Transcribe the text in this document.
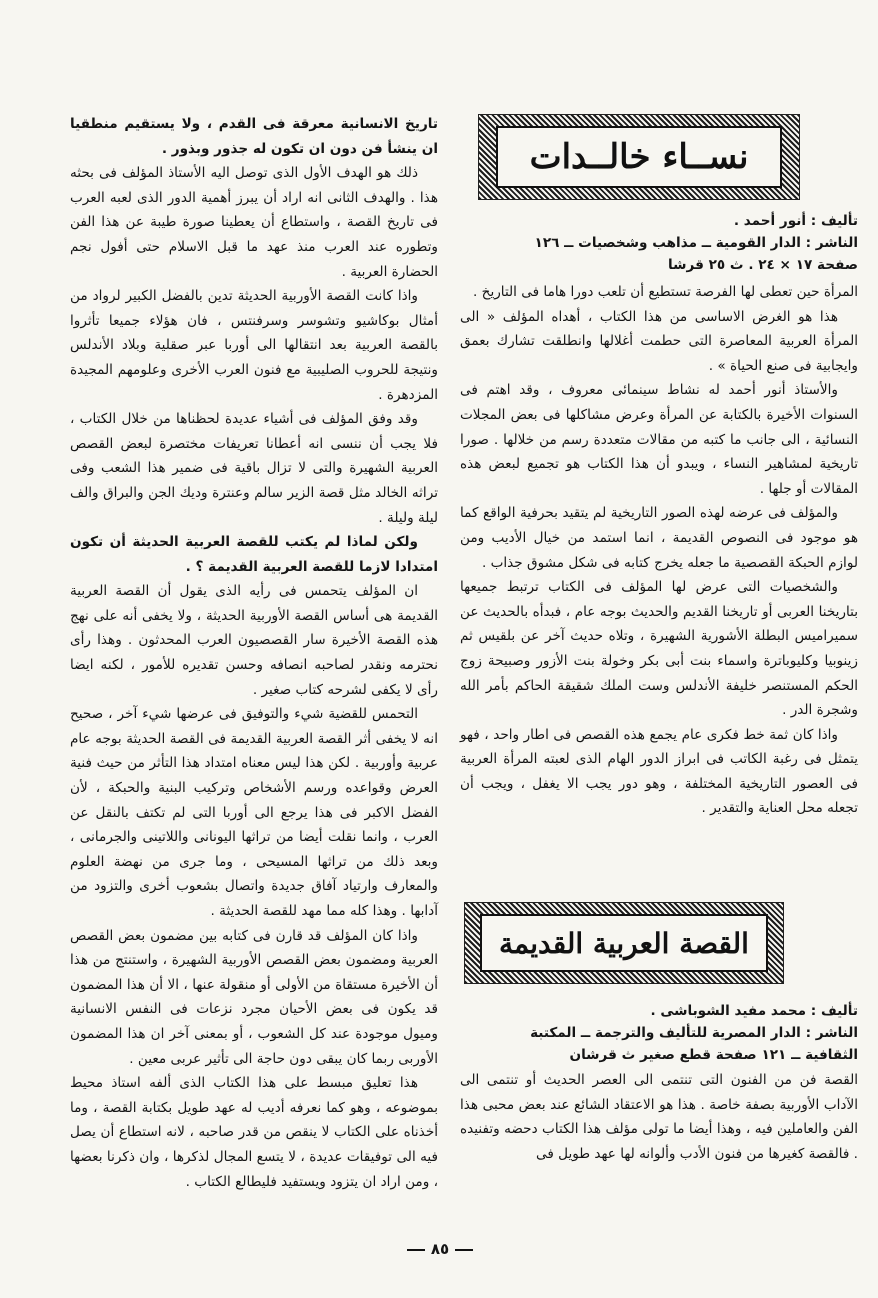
تاريخ الانسانية معرقة فى القدم ، ولا يستقيم منطقيا ان ينشأ فن دون ان تكون له جذور وبذور .

ذلك هو الهدف الأول الذى توصل اليه الأستاذ المؤلف فى بحثه هذا . والهدف الثانى انه اراد أن يبرز أهمية الدور الذى لعبه العرب فى تاريخ القصة ، واستطاع أن يعطينا صورة طيبة عن هذا الفن وتطوره عند العرب منذ عهد ما قبل الاسلام حتى أفول نجم الحضارة العربية .

واذا كانت القصة الأوربية الحديثة تدين بالفضل الكبير لرواد من أمثال بوكاشيو وتشوسر وسرفنتس ، فان هؤلاء جميعا تأثروا بالقصة العربية بعد انتقالها الى أوربا عبر صقلية وبلاد الأندلس ونتيجة للحروب الصليبية مع فنون العرب الأخرى وعلومهم المجيدة المزدهرة .

وقد وفق المؤلف فى أشياء عديدة لحظناها من خلال الكتاب ، فلا يجب أن ننسى انه أعطانا تعريفات مختصرة لبعض القصص العربية الشهيرة والتى لا تزال باقية فى ضمير هذا الشعب وفى تراثه الخالد مثل قصة الزير سالم وعنترة وديك الجن والبراق والف ليلة وليلة .

ولكن لماذا لم يكتب للقصة العربية الحديثة أن تكون امتدادا لازما للقصة العربية القديمة ؟ .

ان المؤلف يتحمس فى رأيه الذى يقول أن القصة العربية القديمة هى أساس القصة الأوربية الحديثة ، ولا يخفى أنه على نهج هذه القصة الأخيرة سار القصصيون العرب المحدثون . وهذا رأى نحترمه ونقدر لصاحبه انصافه وحسن تقديره للأمور ، لكنه ايضا رأى لا يكفى لشرحه كتاب صغير .

التحمس للقضية شيء والتوفيق فى عرضها شيء آخر ، صحيح انه لا يخفى أثر القصة العربية القديمة فى القصة الحديثة بوجه عام عربية وأوربية . لكن هذا ليس معناه امتداد هذا التأثر من حيث فنية العرض وقواعده ورسم الأشخاص وتركيب البنية والحبكة ، لأن الفضل الاكبر فى هذا يرجع الى أوربا التى لم تكتف بالنقل عن العرب ، وانما نقلت أيضا من تراثها اليونانى واللاتينى والجرمانى ، وبعد ذلك من تراثها المسيحى ، وما جرى من نهضة العلوم والمعارف وارتياد آفاق جديدة واتصال بشعوب أخرى والتزود من آدابها . وهذا كله مما مهد للقصة الحديثة .

واذا كان المؤلف قد قارن فى كتابه بين مضمون بعض القصص العربية ومضمون بعض القصص الأوربية الشهيرة ، واستنتج من هذا أن الأخيرة مستقاة من الأولى أو منقولة عنها ، الا أن هذا المضمون قد يكون فى بعض الأحيان مجرد نزعات فى النفس الانسانية وميول موجودة عند كل الشعوب ، أو بمعنى آخر ان هذا المضمون الأوربى ربما كان يبقى دون حاجة الى تأثير عربى معين .

هذا تعليق مبسط على هذا الكتاب الذى ألفه استاذ محيط بموضوعه ، وهو كما نعرفه أديب له عهد طويل بكتابة القصة ، وما أخذناه على الكتاب لا ينقص من قدر صاحبه ، لانه استطاع أن يصل فيه الى توفيقات عديدة ، لا يتسع المجال لذكرها ، وان ذكرنا بعضها ، ومن اراد ان يتزود ويستفيد فليطالع الكتاب .

نســاء خالــدات
تأليف : أنور أحمد .
الناشر : الدار القومية ــ مذاهب وشخصيات ــ ١٢٦
صفحة ١٧ × ٢٤ . ث ٢٥ قرشا

المرأة حين تعطى لها الفرصة تستطيع أن تلعب دورا هاما فى التاريخ .

هذا هو الغرض الاساسى من هذا الكتاب ، أهداه المؤلف « الى المرأة العربية المعاصرة التى حطمت أغلالها وانطلقت تشارك بعمق وايجابية فى صنع الحياة » .

والأستاذ أنور أحمد له نشاط سينمائى معروف ، وقد اهتم فى السنوات الأخيرة بالكتابة عن المرأة وعرض مشاكلها فى بعض المجلات النسائية ، الى جانب ما كتبه من مقالات متعددة رسم من خلالها . صورا تاريخية لمشاهير النساء ، ويبدو أن هذا الكتاب هو تجميع لبعض هذه المقالات أو جلها .

والمؤلف فى عرضه لهذه الصور التاريخية لم يتقيد بحرفية الواقع كما هو موجود فى النصوص القديمة ، انما استمد من خيال الأديب ومن لوازم الحبكة القصصية ما جعله يخرج كتابه فى شكل مشوق جذاب .

والشخصيات التى عرض لها المؤلف فى الكتاب ترتبط جميعها بتاريخنا العربى أو تاريخنا القديم والحديث بوجه عام ، فبدأه بالحديث عن سميراميس البطلة الأشورية الشهيرة ، وتلاه حديث آخر عن بلقيس ثم زينوبيا وكليوباترة واسماء بنت أبى بكر وخولة بنت الأزور وصبيحة زوج الحكم المستنصر خليفة الأندلس وست الملك شقيقة الحاكم بأمر الله وشجرة الدر .

واذا كان ثمة خط فكرى عام يجمع هذه القصص فى اطار واحد ، فهو يتمثل فى رغبة الكاتب فى ابراز الدور الهام الذى لعبته المرأة العربية فى العصور التاريخية المختلفة ، وهو دور يجب الا يغفل ، ويجب أن تجعله محل العناية والتقدير .

القصة العربية القديمة
تأليف : محمد مفيد الشوباشى .
الناشر : الدار المصرية للتأليف والترجمة ــ المكتبة
الثقافية ــ ١٢١ صفحة قطع صغير ث قرشان

القصة فن من الفنون التى تنتمى الى العصر الحديث أو تنتمى الى الآداب الأوربية بصفة خاصة . هذا هو الاعتقاد الشائع عند بعض محبى هذا الفن والعاملين فيه ، وهذا أيضا ما تولى مؤلف هذا الكتاب دحضه وتفنيده . فالقصة كغيرها من فنون الأدب وألوانه لها عهد طويل فى

٨٥
